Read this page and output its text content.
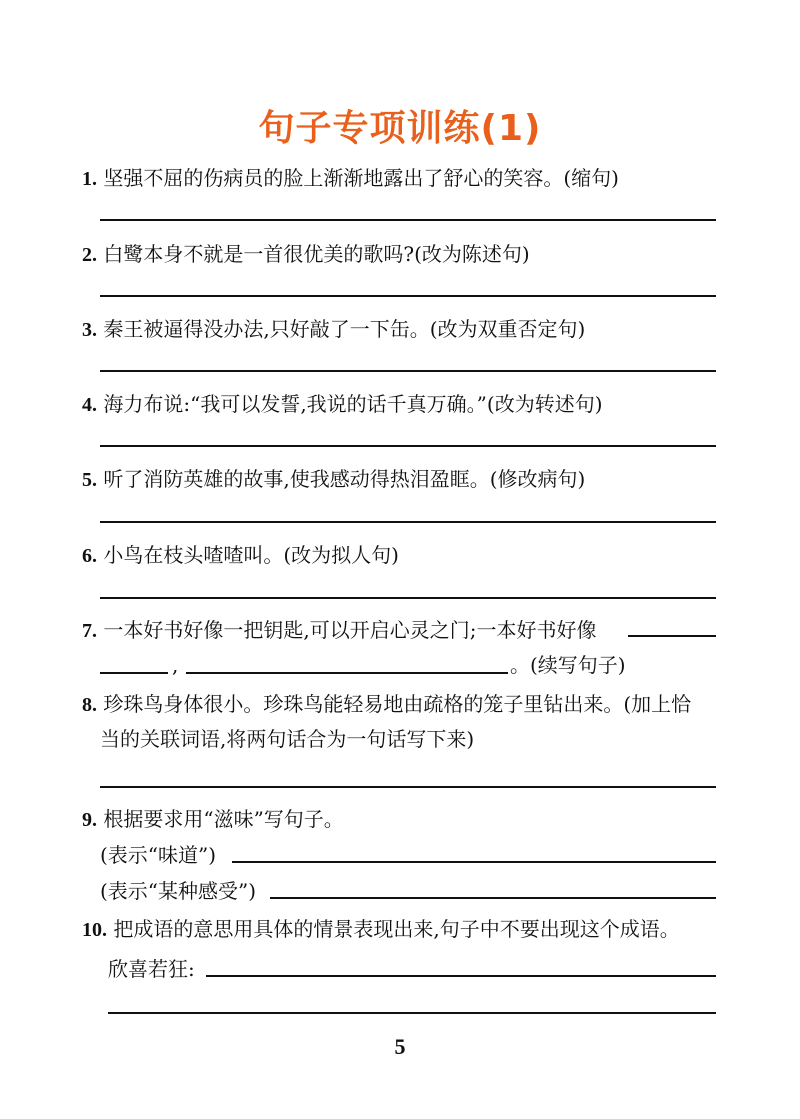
句子专项训练(1)
1. 坚强不屈的伤病员的脸上渐渐地露出了舒心的笑容。(缩句)
2. 白鹭本身不就是一首很优美的歌吗?(改为陈述句)
3. 秦王被逼得没办法,只好敲了一下缶。(改为双重否定句)
4. 海力布说:“我可以发誓,我说的话千真万确。”(改为转述句)
5. 听了消防英雄的故事,使我感动得热泪盈眶。(修改病句)
6. 小鸟在枝头喳喳叫。(改为拟人句)
7. 一本好书好像一把钥匙,可以开启心灵之门;一本好书好像
,	。(续写句子)
8. 珍珠鸟身体很小。珍珠鸟能轻易地由疏格的笼子里钻出来。(加上恰
当的关联词语,将两句话合为一句话写下来)
9. 根据要求用“滋味”写句子。
(表示“味道”)
(表示“某种感受”)
10. 把成语的意思用具体的情景表现出来,句子中不要出现这个成语。
欣喜若狂:
5
